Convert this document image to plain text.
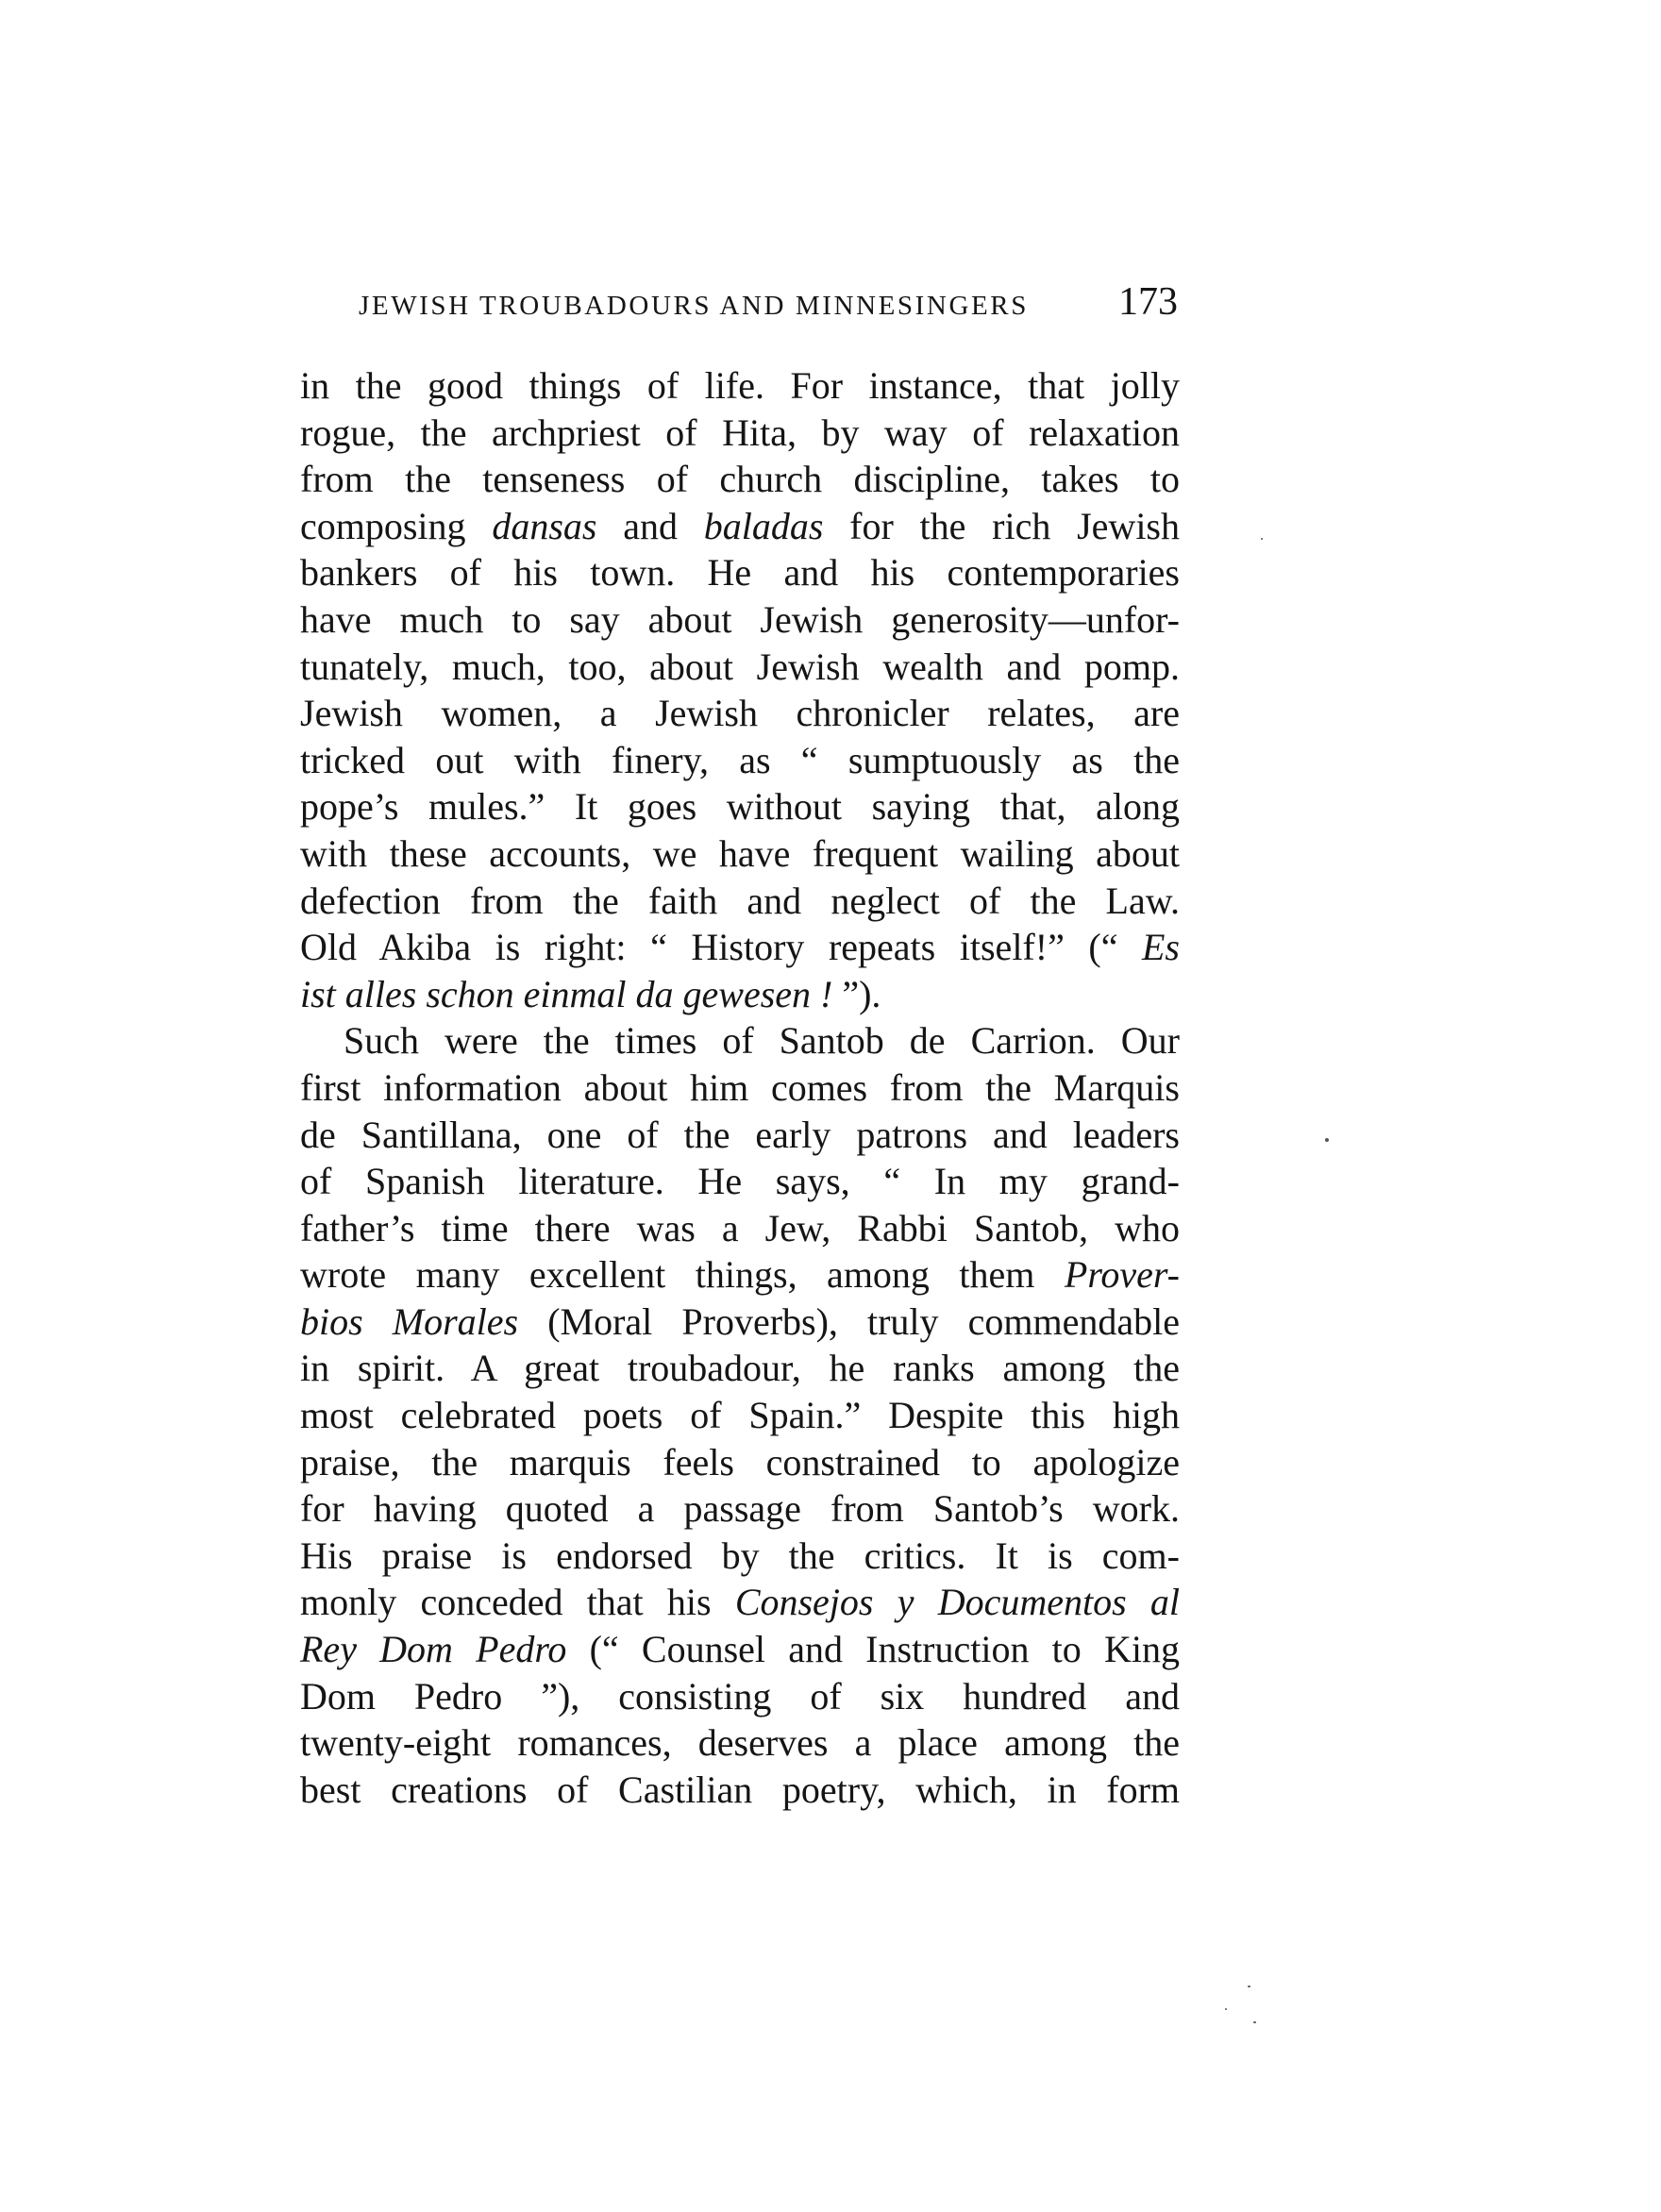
JEWISH TROUBADOURS AND MINNESINGERS 173
in the good things of life. For instance, that jolly
rogue, the archpriest of Hita, by way of relaxation
from the tenseness of church discipline, takes to
composing dansas and baladas for the rich Jewish
bankers of his town. He and his contemporaries
have much to say about Jewish generosity—unfor-
tunately, much, too, about Jewish wealth and pomp.
Jewish women, a Jewish chronicler relates, are
tricked out with finery, as “ sumptuously as the
pope’s mules.” It goes without saying that, along
with these accounts, we have frequent wailing about
defection from the faith and neglect of the Law.
Old Akiba is right: “ History repeats itself!” (“ Es
ist alles schon einmal da gewesen ! ”).
Such were the times of Santob de Carrion. Our
first information about him comes from the Marquis
de Santillana, one of the early patrons and leaders
of Spanish literature. He says, “ In my grand-
father’s time there was a Jew, Rabbi Santob, who
wrote many excellent things, among them Prover-
bios Morales (Moral Proverbs), truly commendable
in spirit. A great troubadour, he ranks among the
most celebrated poets of Spain.” Despite this high
praise, the marquis feels constrained to apologize
for having quoted a passage from Santob’s work.
His praise is endorsed by the critics. It is com-
monly conceded that his Consejos y Documentos al
Rey Dom Pedro (“ Counsel and Instruction to King
Dom Pedro ”), consisting of six hundred and
twenty-eight romances, deserves a place among the
best creations of Castilian poetry, which, in form
